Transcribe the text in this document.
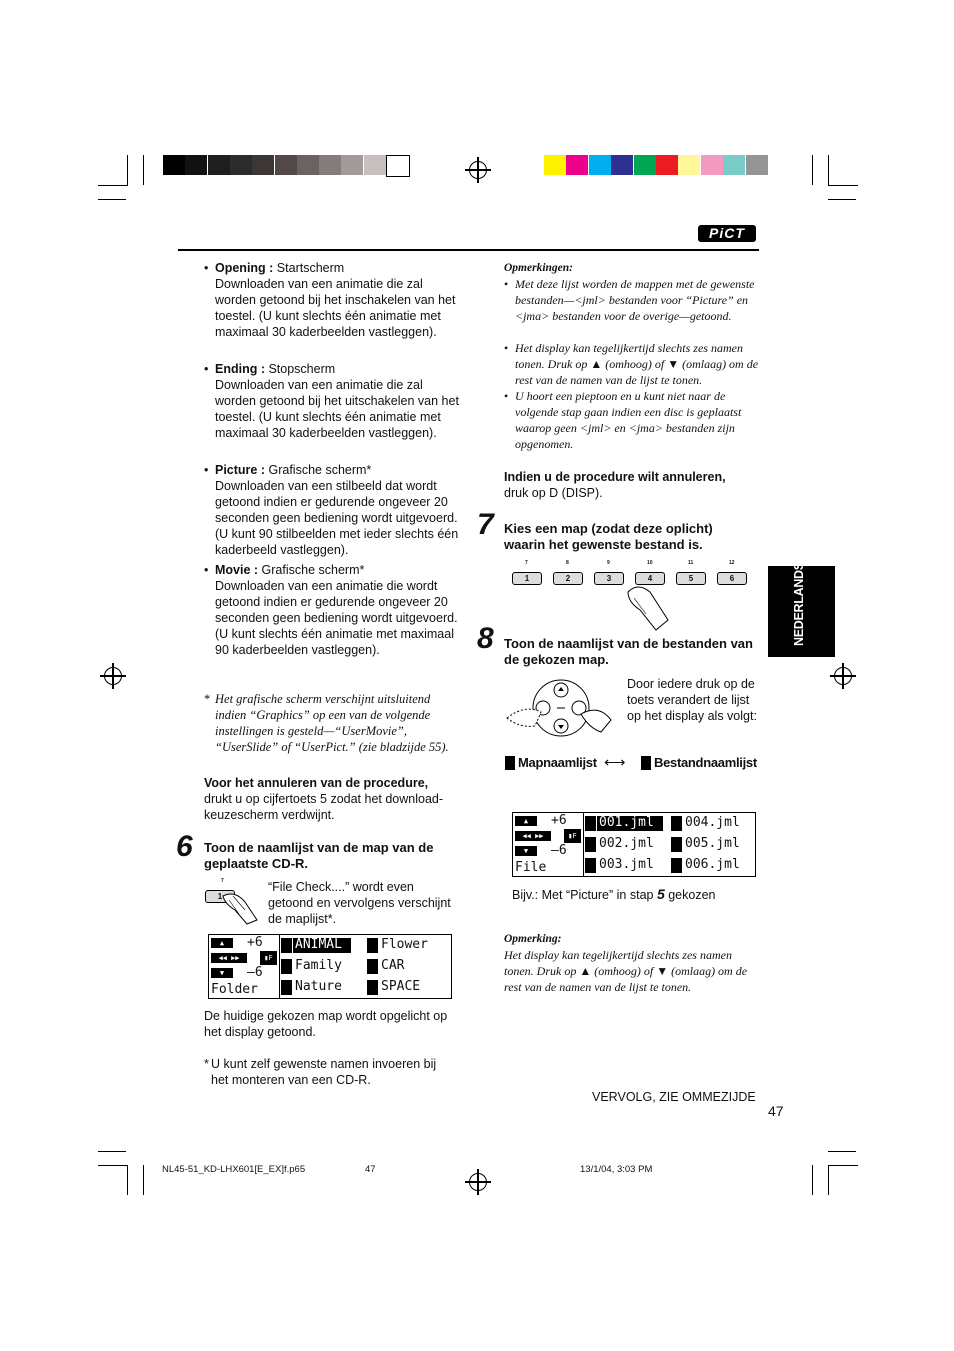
PiCT
• Opening : Startscherm
Downloaden van een animatie die zal worden getoond bij het inschakelen van het toestel. (U kunt slechts één animatie met maximaal 30 kaderbeelden vastleggen).
• Ending : Stopscherm
Downloaden van een animatie die zal worden getoond bij het uitschakelen van het toestel. (U kunt slechts één animatie met maximaal 30 kaderbeelden vastleggen).
• Picture : Grafische scherm*
Downloaden van een stilbeeld dat wordt getoond indien er gedurende ongeveer 20 seconden geen bediening wordt uitgevoerd. (U kunt 90 stilbeelden met ieder slechts één kaderbeeld vastleggen).
• Movie : Grafische scherm*
Downloaden van een animatie die wordt getoond indien er gedurende ongeveer 20 seconden geen bediening wordt uitgevoerd. (U kunt slechts één animatie met maximaal 90 kaderbeelden vastleggen).
* Het grafische scherm verschijnt uitsluitend indien “Graphics” op een van de volgende instellingen is gesteld—“UserMovie”, “UserSlide” of “UserPict.” (zie bladzijde 55).
Voor het annuleren van de procedure,
drukt u op cijfertoets 5 zodat het download-keuzescherm verdwijnt.
6 Toon de naamlijst van de map van de geplaatste CD-R.
7
1
“File Check....” wordt even getoond en vervolgens verschijnt de maplijst*.
▲	+6
◀◀ ▶▶	▮F
▼	–6
Folder
ANIMAL	Flower
Family	CAR
Nature	SPACE
De huidige gekozen map wordt opgelicht op het display getoond.
* U kunt zelf gewenste namen invoeren bij het monteren van een CD-R.
Opmerkingen:
• Met deze lijst worden de mappen met de gewenste bestanden—<jml> bestanden voor “Picture” en <jma> bestanden voor de overige—getoond.
• Het display kan tegelijkertijd slechts zes namen tonen. Druk op ▲ (omhoog) of ▼ (omlaag) om de rest van de namen van de lijst te tonen.
• U hoort een pieptoon en u kunt niet naar de volgende stap gaan indien een disc is geplaatst waarop geen <jml> en <jma> bestanden zijn opgenomen.
Indien u de procedure wilt annuleren,
druk op D (DISP).
7 Kies een map (zodat deze oplicht) waarin het gewenste bestand is.
7	8	9	10	11	12
1	2	3	4	5	6
8 Toon de naamlijst van de bestanden van de gekozen map.
Door iedere druk op de toets verandert de lijst op het display als volgt:
Mapnaamlijst ⟷ Bestandnaamlijst
▲	+6
◀◀ ▶▶	▮F
▼	–6
File
001.jml 004.jml
002.jml 005.jml
003.jml 006.jml
Bijv.: Met “Picture” in stap 5 gekozen
Opmerking:
Het display kan tegelijkertijd slechts zes namen tonen. Druk op ▲ (omhoog) of ▼ (omlaag) om de rest van de namen van de lijst te tonen.
VERVOLG, ZIE OMMEZIJDE
47
NEDERLANDS
NL45-51_KD-LHX601[E_EX]f.p65	47	13/1/04, 3:03 PM
